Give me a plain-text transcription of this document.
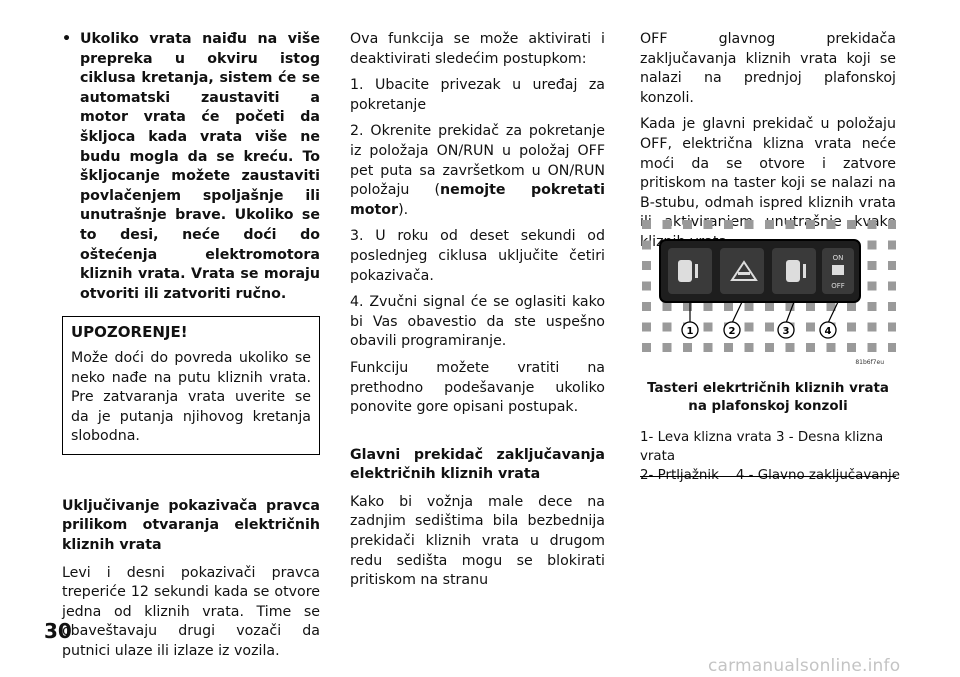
• Ukoliko vrata naiđu na više prepreka u okviru istog ciklusa kretanja, sistem će se automatski zaustaviti a motor vrata će početi da škljoca kada vrata više ne budu mogla da se kreću. To škljocanje možete zaustaviti povlačenjem spoljašnje ili unutrašnje brave. Ukoliko se to desi, neće doći do oštećenja elektromotora kliznih vrata. Vrata se moraju otvoriti ili zatvoriti ručno.
UPOZORENJE!
Može doći do povreda ukoliko se neko nađe na putu kliznih vrata. Pre zatvaranja vrata uverite se da je putanja njihovog kretanja slobodna.

Uključivanje pokazivača pravca prilikom otvaranja električnih kliznih vrata

Levi i desni pokazivači pravca treperiće 12 sekundi kada se otvore jedna od kliznih vrata. Time se obaveštavaju drugi vozači da putnici ulaze ili izlaze iz vozila.

Ova funkcija se može aktivirati i deaktivirati sledećim postupkom:

1. Ubacite privezak u uređaj za pokretanje

2. Okrenite prekidač za pokretanje iz položaja ON/RUN u položaj OFF pet puta sa završetkom u ON/RUN položaju (nemojte pokretati motor).

3. U roku od deset sekundi od poslednjeg ciklusa uključite četiri pokazivača.

4. Zvučni signal će se oglasiti kako bi Vas obavestio da ste uspešno obavili programiranje.

Funkciju možete vratiti na prethodno podešavanje ukoliko ponovite gore opisani postupak.

Glavni prekidač zaključavanja električnih kliznih vrata

Kako bi vožnja male dece na zadnjim sedištima bila bezbednija prekidači kliznih vrata u drugom redu sedišta mogu se blokirati pritiskom na stranu

OFF glavnog prekidača zaključavanja kliznih vrata koji se nalazi na prednjoj plafonskoj konzoli.

Kada je glavni prekidač u položaju OFF, električna klizna vrata neće moći da se otvore i zatvore pritiskom na taster koji se nalazi na B-stubu, odmah ispred kliznih vrata

ON
OFF
1	2	3	4
81b6f7eu
Tasteri elekrtričnih kliznih vrata na plafonskoj konzoli
1- Leva klizna vrata 3 - Desna klizna vrata
2- Prtljažnik    4 - Glavno zaključavanje
30
carmanualsonline.info
